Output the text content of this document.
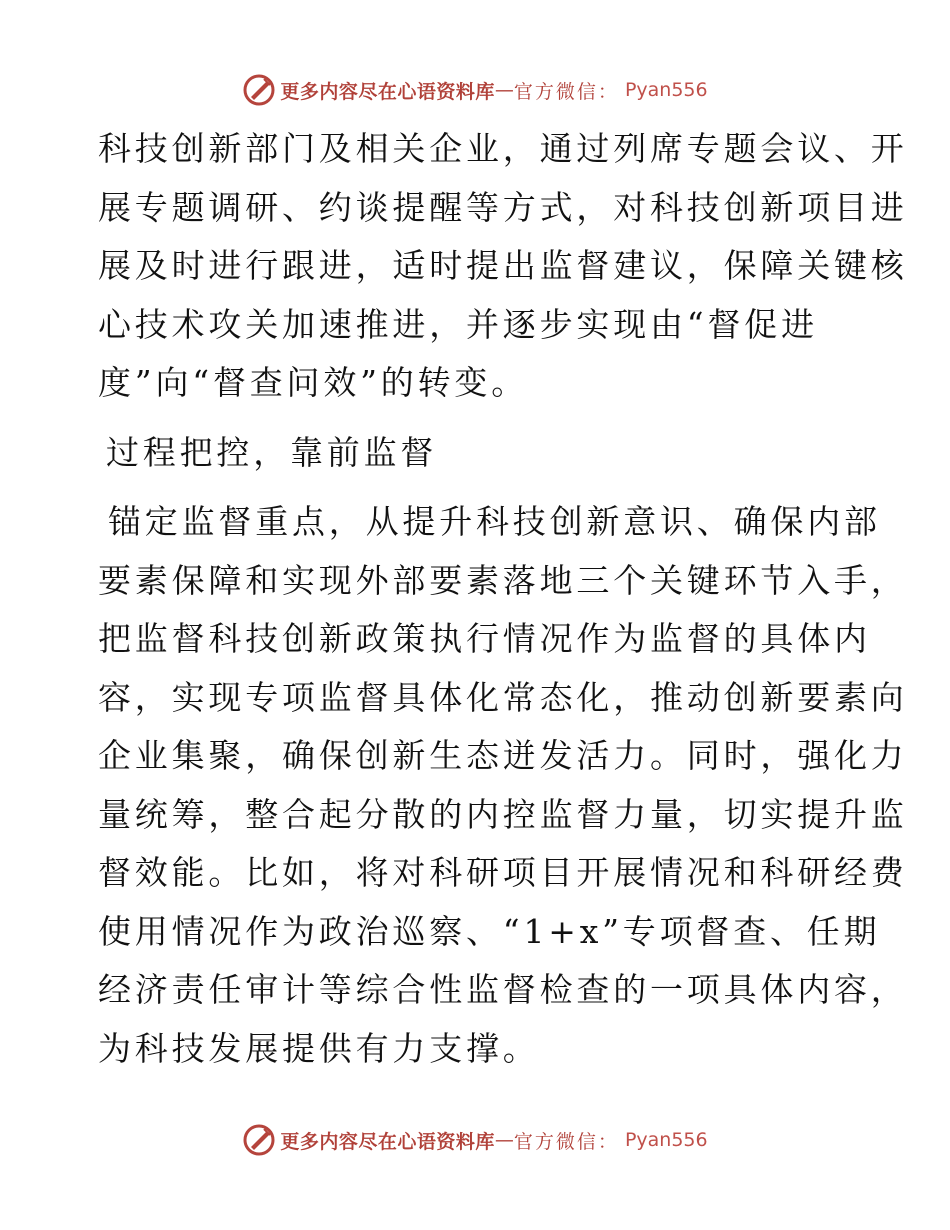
更多内容尽在心语资料库 — 官方微信： Pyan556
科技创新部门及相关企业，通过列席专题会议、开
展专题调研、约谈提醒等方式，对科技创新项目进
展及时进行跟进，适时提出监督建议，保障关键核
心技术攻关加速推进，并逐步实现由“督促进
度”向“督查问效”的转变。
过程把控，靠前监督
锚定监督重点，从提升科技创新意识、确保内部
要素保障和实现外部要素落地三个关键环节入手，
把监督科技创新政策执行情况作为监督的具体内
容，实现专项监督具体化常态化，推动创新要素向
企业集聚，确保创新生态迸发活力。同时，强化力
量统筹，整合起分散的内控监督力量，切实提升监
督效能。比如，将对科研项目开展情况和科研经费
使用情况作为政治巡察、“1+x”专项督查、任期
经济责任审计等综合性监督检查的一项具体内容，
为科技发展提供有力支撑。
更多内容尽在心语资料库 — 官方微信： Pyan556
